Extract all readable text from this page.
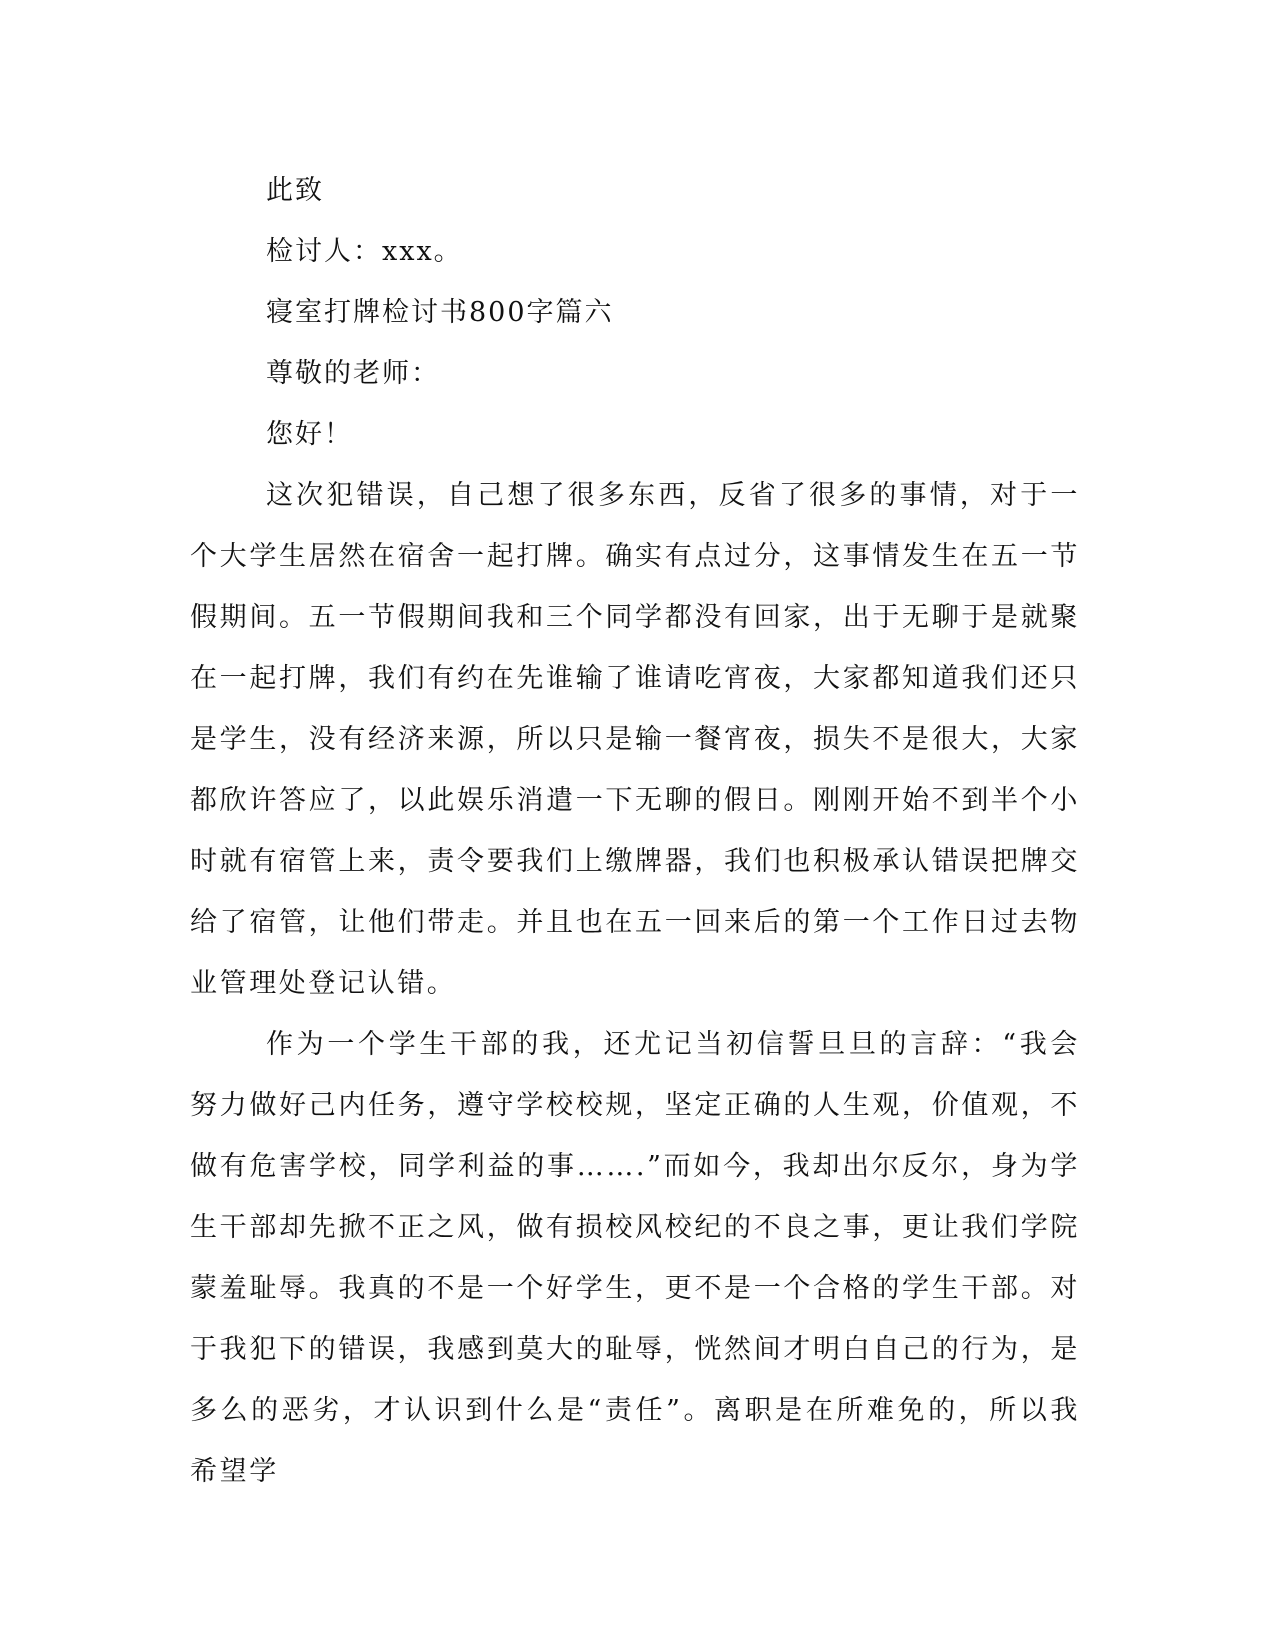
此致

检讨人：xxx。

寝室打牌检讨书800字篇六

尊敬的老师：

您好！

这次犯错误，自己想了很多东西，反省了很多的事情，对于一个大学生居然在宿舍一起打牌。确实有点过分，这事情发生在五一节假期间。五一节假期间我和三个同学都没有回家，出于无聊于是就聚在一起打牌，我们有约在先谁输了谁请吃宵夜，大家都知道我们还只是学生，没有经济来源，所以只是输一餐宵夜，损失不是很大，大家都欣许答应了，以此娱乐消遣一下无聊的假日。刚刚开始不到半个小时就有宿管上来，责令要我们上缴牌器，我们也积极承认错误把牌交给了宿管，让他们带走。并且也在五一回来后的第一个工作日过去物业管理处登记认错。

作为一个学生干部的我，还尤记当初信誓旦旦的言辞：“我会努力做好己内任务，遵守学校校规，坚定正确的人生观，价值观，不做有危害学校，同学利益的事…….”而如今，我却出尔反尔，身为学生干部却先掀不正之风，做有损校风校纪的不良之事，更让我们学院蒙羞耻辱。我真的不是一个好学生，更不是一个合格的学生干部。对于我犯下的错误，我感到莫大的耻辱，恍然间才明白自己的行为，是多么的恶劣，才认识到什么是“责任”。离职是在所难免的，所以我希望学
